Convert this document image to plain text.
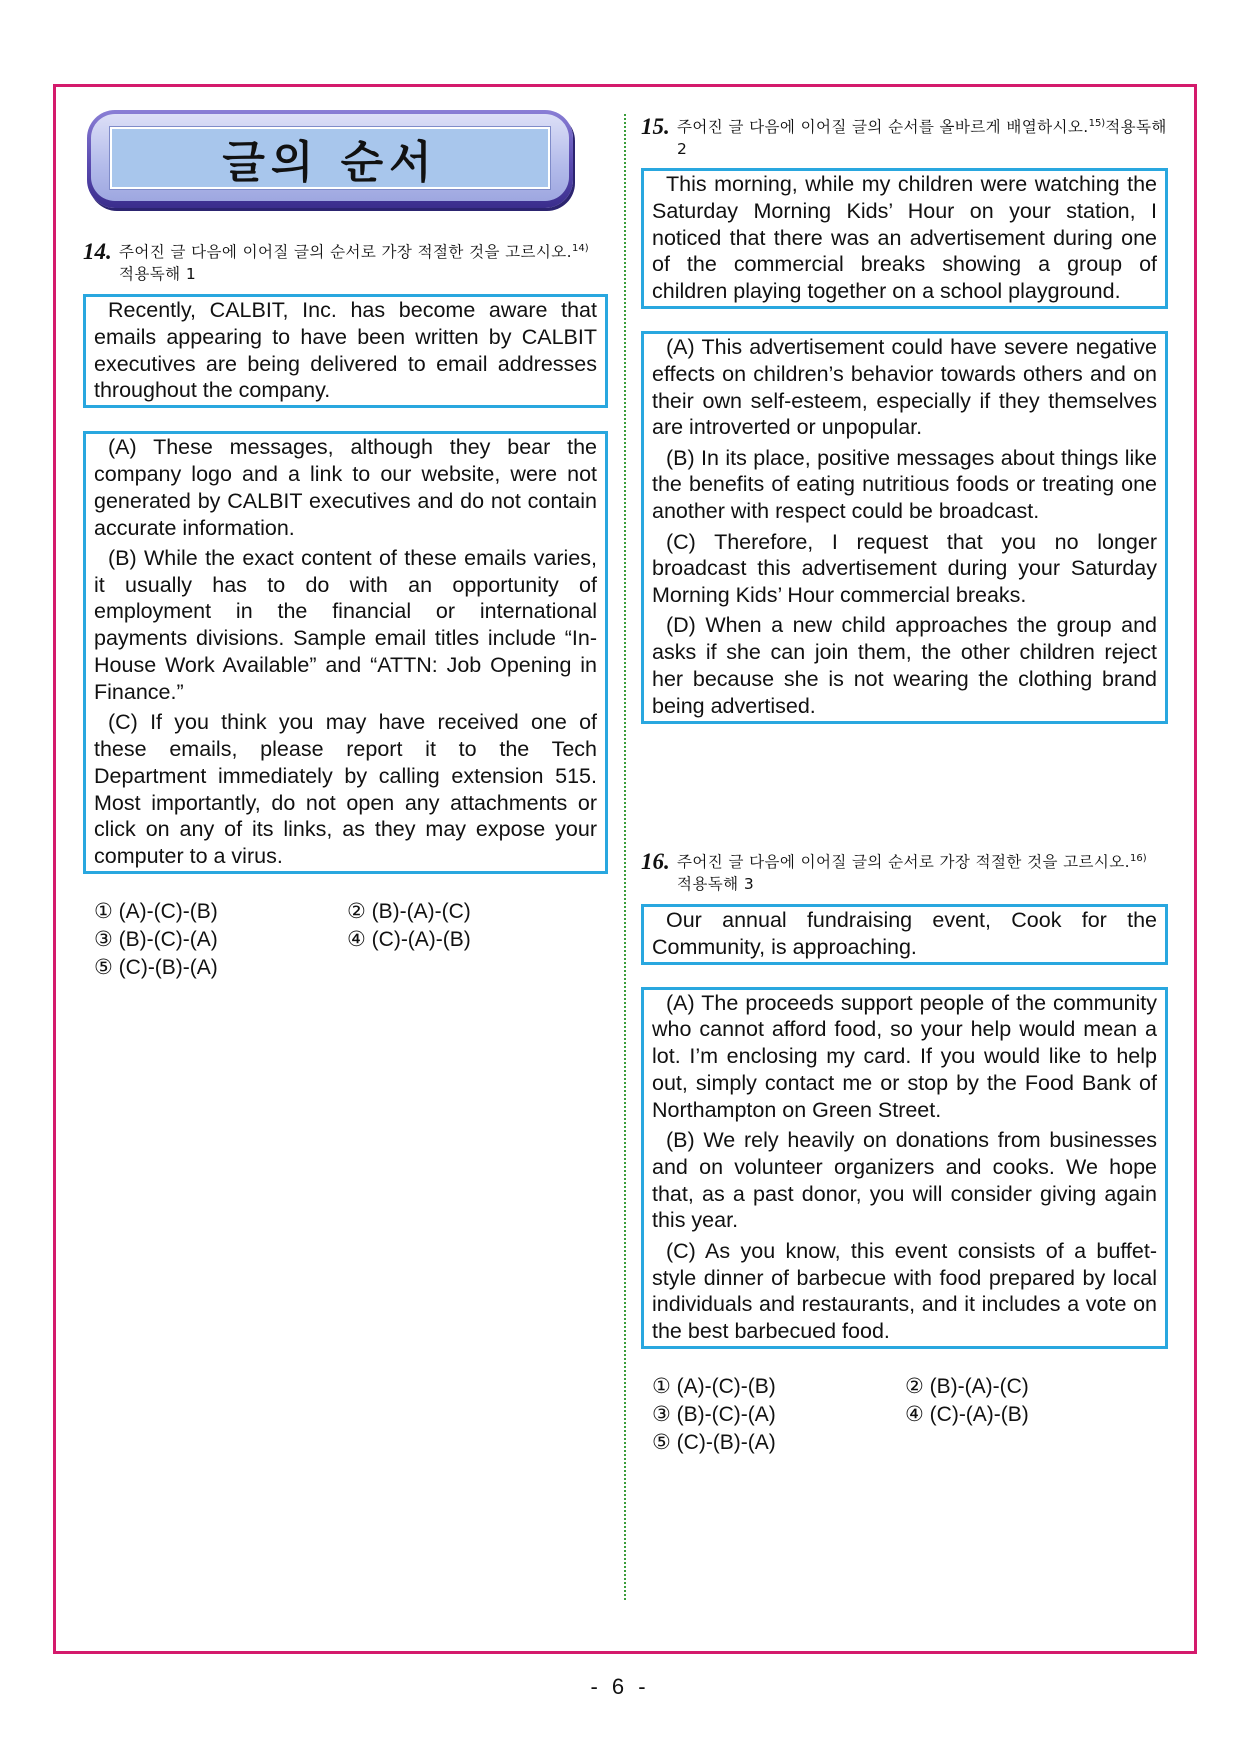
글의 순서
14. 주어진 글 다음에 이어질 글의 순서로 가장 적절한 것을 고르시오.$^{14)}$
적용독해 1

Recently, CALBIT, Inc. has become aware that emails appearing to have been written by CALBIT executives are being delivered to email addresses throughout the company.

(A) These messages, although they bear the company logo and a link to our website, were not generated by CALBIT executives and do not contain accurate information.

(B) While the exact content of these emails varies, it usually has to do with an opportunity of employment in the financial or international payments divisions. Sample email titles include “In-House Work Available” and “ATTN: Job Opening in Finance.”

(C) If you think you may have received one of these emails, please report it to the Tech Department immediately by calling extension 515. Most importantly, do not open any attachments or click on any of its links, as they may expose your computer to a virus.

① (A)-(C)-(B)	② (B)-(A)-(C)
③ (B)-(C)-(A)	④ (C)-(A)-(B)
⑤ (C)-(B)-(A)
15. 주어진 글 다음에 이어질 글의 순서를 올바르게 배열하시오.$^{15)}$적용독해 2

This morning, while my children were watching the Saturday Morning Kids’ Hour on your station, I noticed that there was an advertisement during one of the commercial breaks showing a group of children playing together on a school playground.

(A) This advertisement could have severe negative effects on children’s behavior towards others and on their own self-esteem, especially if they themselves are introverted or unpopular.

(B) In its place, positive messages about things like the benefits of eating nutritious foods or treating one another with respect could be broadcast.

(C) Therefore, I request that you no longer broadcast this advertisement during your Saturday Morning Kids’ Hour commercial breaks.

(D) When a new child approaches the group and asks if she can join them, the other children reject her because she is not wearing the clothing brand being advertised.

16. 주어진 글 다음에 이어질 글의 순서로 가장 적절한 것을 고르시오.$^{16)}$
적용독해 3

Our annual fundraising event, Cook for the Community, is approaching.

(A) The proceeds support people of the community who cannot afford food, so your help would mean a lot. I’m enclosing my card. If you would like to help out, simply contact me or stop by the Food Bank of Northampton on Green Street.

(B) We rely heavily on donations from businesses and on volunteer organizers and cooks. We hope that, as a past donor, you will consider giving again this year.

(C) As you know, this event consists of a buffet-style dinner of barbecue with food prepared by local individuals and restaurants, and it includes a vote on the best barbecued food.

① (A)-(C)-(B)	② (B)-(A)-(C)
③ (B)-(C)-(A)	④ (C)-(A)-(B)
⑤ (C)-(B)-(A)
- 6 -
